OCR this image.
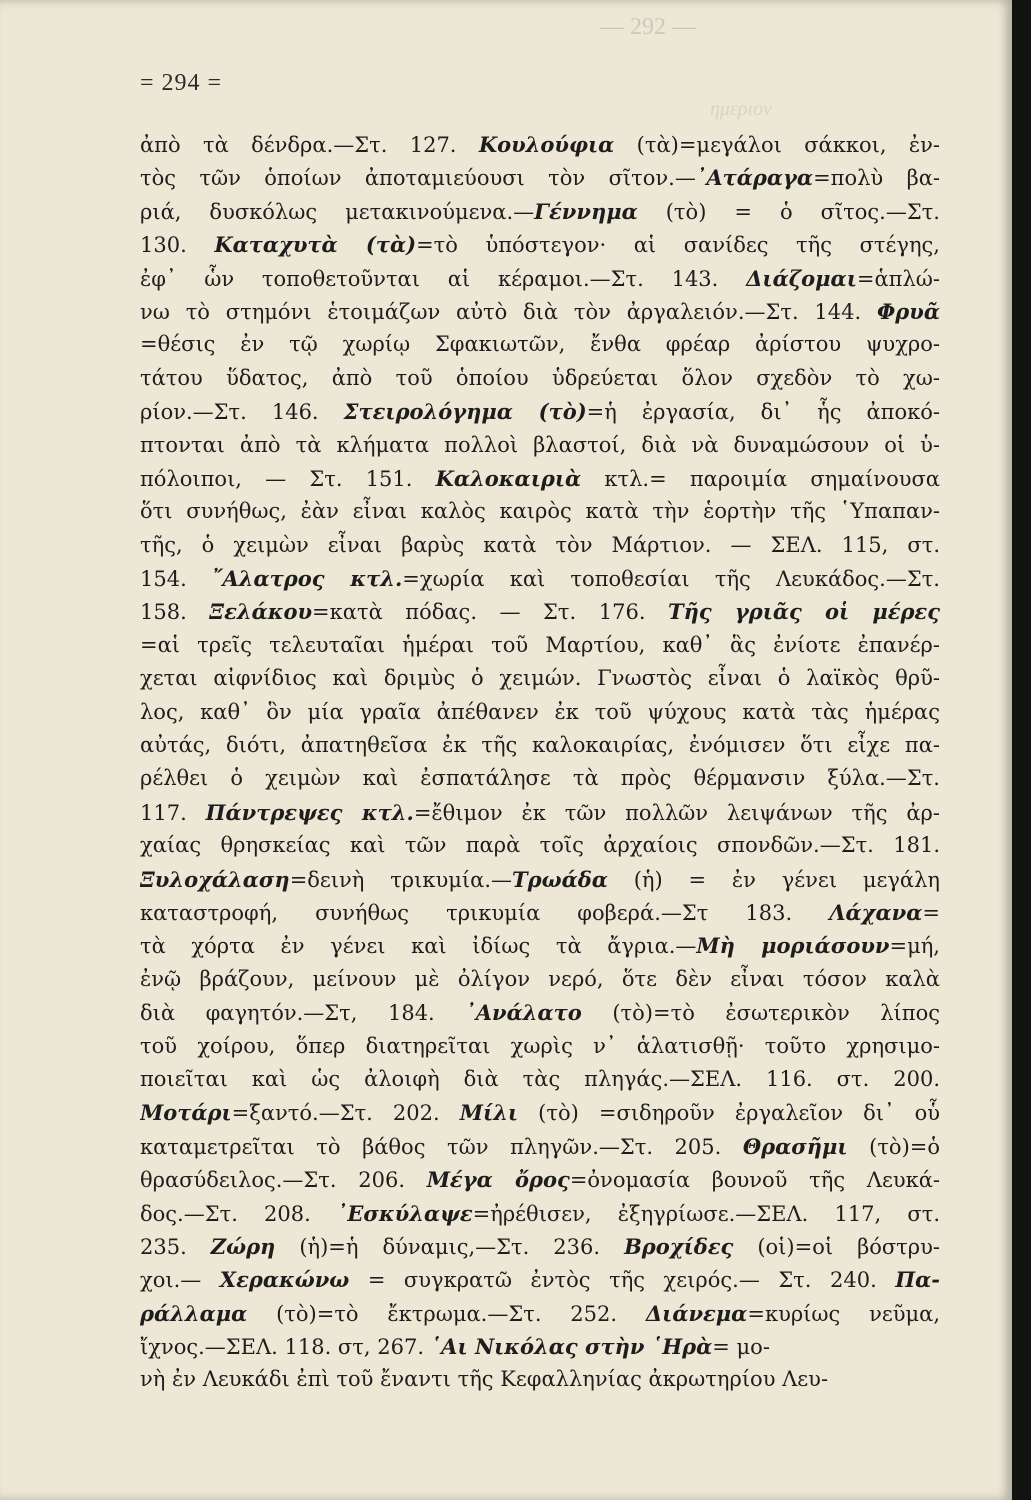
— 292 —
ημεριον
= 294 =
ἀπὸ τὰ δένδρα.—Στ. 127. Κουλούφια (τὰ)=μεγάλοι σάκκοι, ἐν-
τὸς τῶν ὁποίων ἀποταμιεύουσι τὸν σῖτον.—᾿Ατάραγα=πολὺ βα-
ριά, δυσκόλως μετακινούμενα.—Γέννημα (τὸ) = ὁ σῖτος.—Στ.
130. Καταχυτὰ (τὰ)=τὸ ὑπόστεγον· αἱ σανίδες τῆς στέγης,
ἐφ᾿ ὧν τοποθετοῦνται αἱ κέραμοι.—Στ. 143. Διάζομαι=ἁπλώ-
νω τὸ στημόνι ἑτοιμάζων αὐτὸ διὰ τὸν ἀργαλειόν.—Στ. 144. Φρυᾶ
=θέσις ἐν τῷ χωρίῳ Σφακιωτῶν, ἔνθα φρέαρ ἀρίστου ψυχρο-
τάτου ὕδατος, ἀπὸ τοῦ ὁποίου ὑδρεύεται ὅλον σχεδὸν τὸ χω-
ρίον.—Στ. 146. Στειρολόγημα (τὸ)=ἡ ἐργασία, δι᾿ ἧς ἀποκό-
πτονται ἀπὸ τὰ κλήματα πολλοὶ βλαστοί, διὰ νὰ δυναμώσουν οἱ ὑ-
πόλοιποι, — Στ. 151. Καλοκαιριὰ κτλ.= παροιμία σημαίνουσα
ὅτι συνήθως, ἐὰν εἶναι καλὸς καιρὸς κατὰ τὴν ἑορτὴν τῆς ῾Υπαπαν-
τῆς, ὁ χειμὼν εἶναι βαρὺς κατὰ τὸν Μάρτιον. — ΣΕΛ. 115, στ.
154. ῎Αλατρος κτλ.=χωρία καὶ τοποθεσίαι τῆς Λευκάδος.—Στ.
158. Ξελάκου=κατὰ πόδας. — Στ. 176. Τῆς γριᾶς οἱ μέρες
=αἱ τρεῖς τελευταῖαι ἡμέραι τοῦ Μαρτίου, καθ᾿ ἃς ἐνίοτε ἐπανέρ-
χεται αἰφνίδιος καὶ δριμὺς ὁ χειμών. Γνωστὸς εἶναι ὁ λαϊκὸς θρῦ-
λος, καθ᾿ ὃν μία γραῖα ἀπέθανεν ἐκ τοῦ ψύχους κατὰ τὰς ἡμέρας
αὐτάς, διότι, ἀπατηθεῖσα ἐκ τῆς καλοκαιρίας, ἐνόμισεν ὅτι εἶχε πα-
ρέλθει ὁ χειμὼν καὶ ἐσπατάλησε τὰ πρὸς θέρμανσιν ξύλα.—Στ.
117. Πάντρεψες κτλ.=ἔθιμον ἐκ τῶν πολλῶν λειψάνων τῆς ἀρ-
χαίας θρησκείας καὶ τῶν παρὰ τοῖς ἀρχαίοις σπονδῶν.—Στ. 181.
Ξυλοχάλαση=δεινὴ τρικυμία.—Τρωάδα (ἡ) = ἐν γένει μεγάλη
καταστροφή, συνήθως τρικυμία φοβερά.—Στ 183. Λάχανα=
τὰ χόρτα ἐν γένει καὶ ἰδίως τὰ ἄγρια.—Μὴ μοριάσουν=μή,
ἐνῷ βράζουν, μείνουν μὲ ὀλίγον νερό, ὅτε δὲν εἶναι τόσον καλὰ
διὰ φαγητόν.—Στ, 184. ᾿Ανάλατο (τὸ)=τὸ ἐσωτερικὸν λίπος
τοῦ χοίρου, ὅπερ διατηρεῖται χωρὶς ν᾿ ἁλατισθῇ· τοῦτο χρησιμο-
ποιεῖται καὶ ὡς ἀλοιφὴ διὰ τὰς πληγάς.—ΣΕΛ. 116. στ. 200.
Μοτάρι=ξαντό.—Στ. 202. Μίλι (τὸ) =σιδηροῦν ἐργαλεῖον δι᾿ οὗ
καταμετρεῖται τὸ βάθος τῶν πληγῶν.—Στ. 205. Θρασῆμι (τὸ)=ὁ
θρασύδειλος.—Στ. 206. Μέγα ὄρος=ὀνομασία βουνοῦ τῆς Λευκά-
δος.—Στ. 208. ᾿Εσκύλαψε=ἠρέθισεν, ἐξηγρίωσε.—ΣΕΛ. 117, στ.
235. Ζώρη (ἡ)=ἡ δύναμις,—Στ. 236. Βροχίδες (οἱ)=οἱ βόστρυ-
χοι.— Χερακώνω = συγκρατῶ ἐντὸς τῆς χειρός.— Στ. 240. Πα-
ράλλαμα (τὸ)=τὸ ἔκτρωμα.—Στ. 252. Διάνεμα=κυρίως νεῦμα,
ἴχνος.—ΣΕΛ. 118. στ, 267. ῾Αι Νικόλας στὴν ῾Ηρὰ= μο-
νὴ ἐν Λευκάδι ἐπὶ τοῦ ἔναντι τῆς Κεφαλληνίας ἀκρωτηρίου Λευ-
